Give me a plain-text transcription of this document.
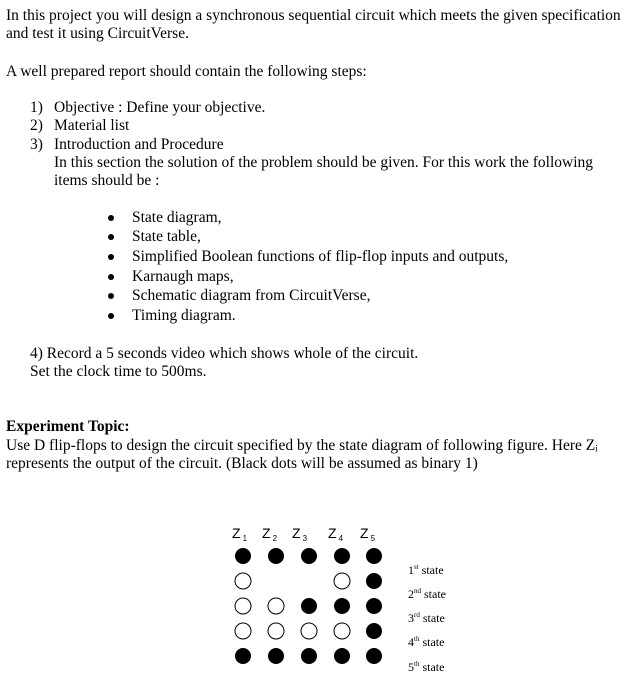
In this project you will design a synchronous sequential circuit which meets the given specification
and test it using CircuitVerse.
A well prepared report should contain the following steps:
1) Objective : Define your objective.
2) Material list
3) Introduction and Procedure
In this section the solution of the problem should be given. For this work the following
items should be :
State diagram,
State table,
Simplified Boolean functions of flip-flop inputs and outputs,
Karnaugh maps,
Schematic diagram from CircuitVerse,
Timing diagram.
4) Record a 5 seconds video which shows whole of the circuit.
Set the clock time to 500ms.
Experiment Topic:
Use D flip-flops to design the circuit specified by the state diagram of following figure. Here Zᵢ
represents the output of the circuit. (Black dots will be assumed as binary 1)
Z $_1$ Z $_2$ Z $_3$ Z $_4$ Z $_5$
1st state
2nd state
3rd state
4th state
5th state
